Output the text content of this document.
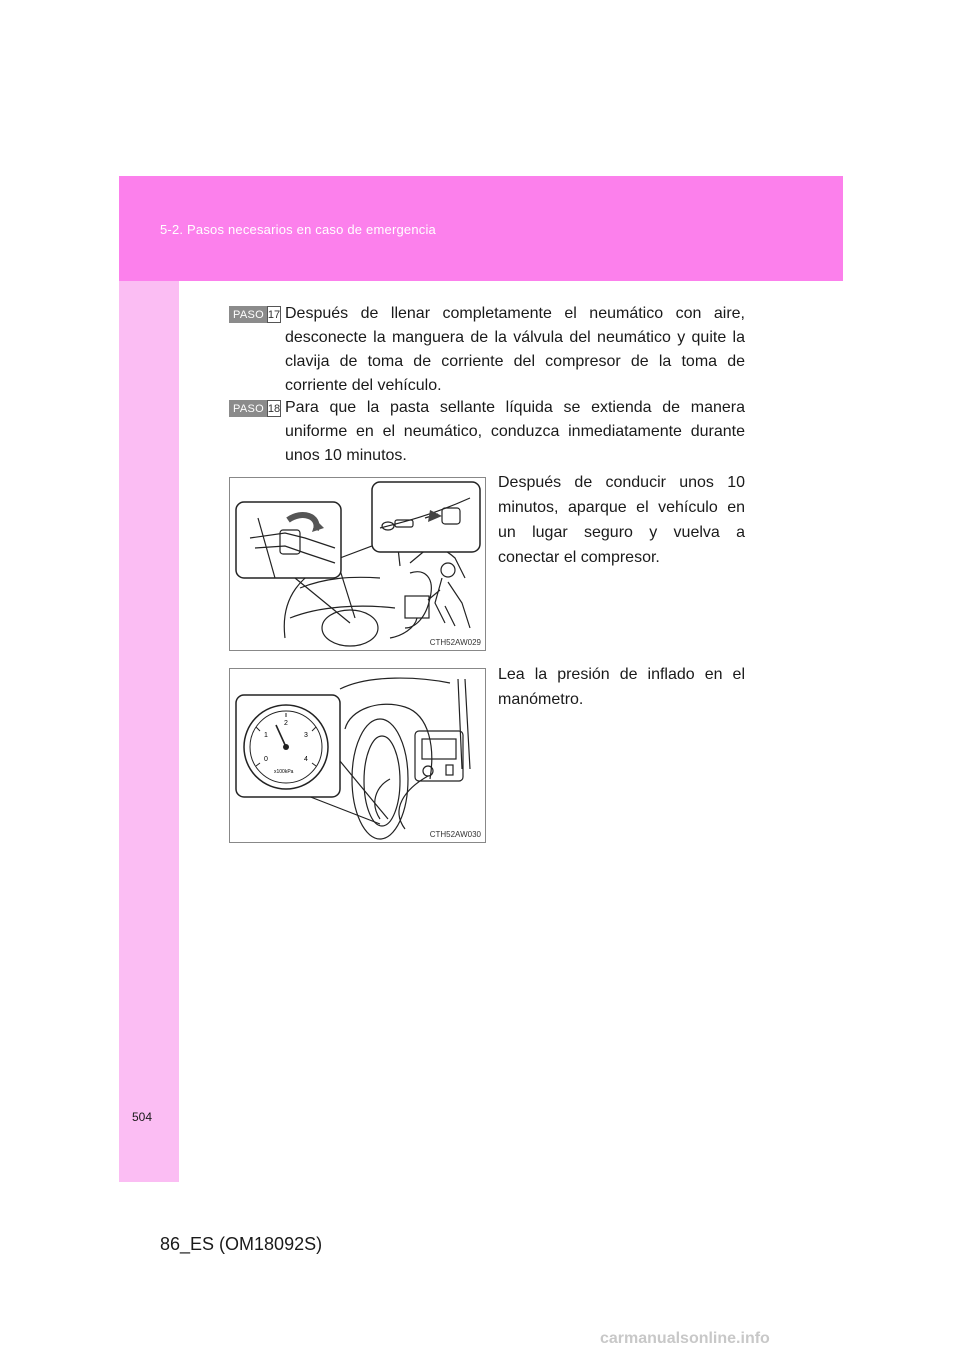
5-2. Pasos necesarios en caso de emergencia
PASO 17 Después de llenar completamente el neumático con aire, desconecte la manguera de la válvula del neumático y quite la clavija de toma de corriente del compresor de la toma de corriente del vehículo.
PASO 18 Para que la pasta sellante líquida se extienda de manera uniforme en el neumático, conduzca inmediatamente durante unos 10 minutos.
CTH52AW029
Después de conducir unos 10 minutos, aparque el vehículo en un lugar seguro y vuelva a conectar el compresor.
0
1
2
3
4
x100kPa
CTH52AW030
Lea la presión de inflado en el manómetro.
504
86_ES (OM18092S)
carmanualsonline.info
